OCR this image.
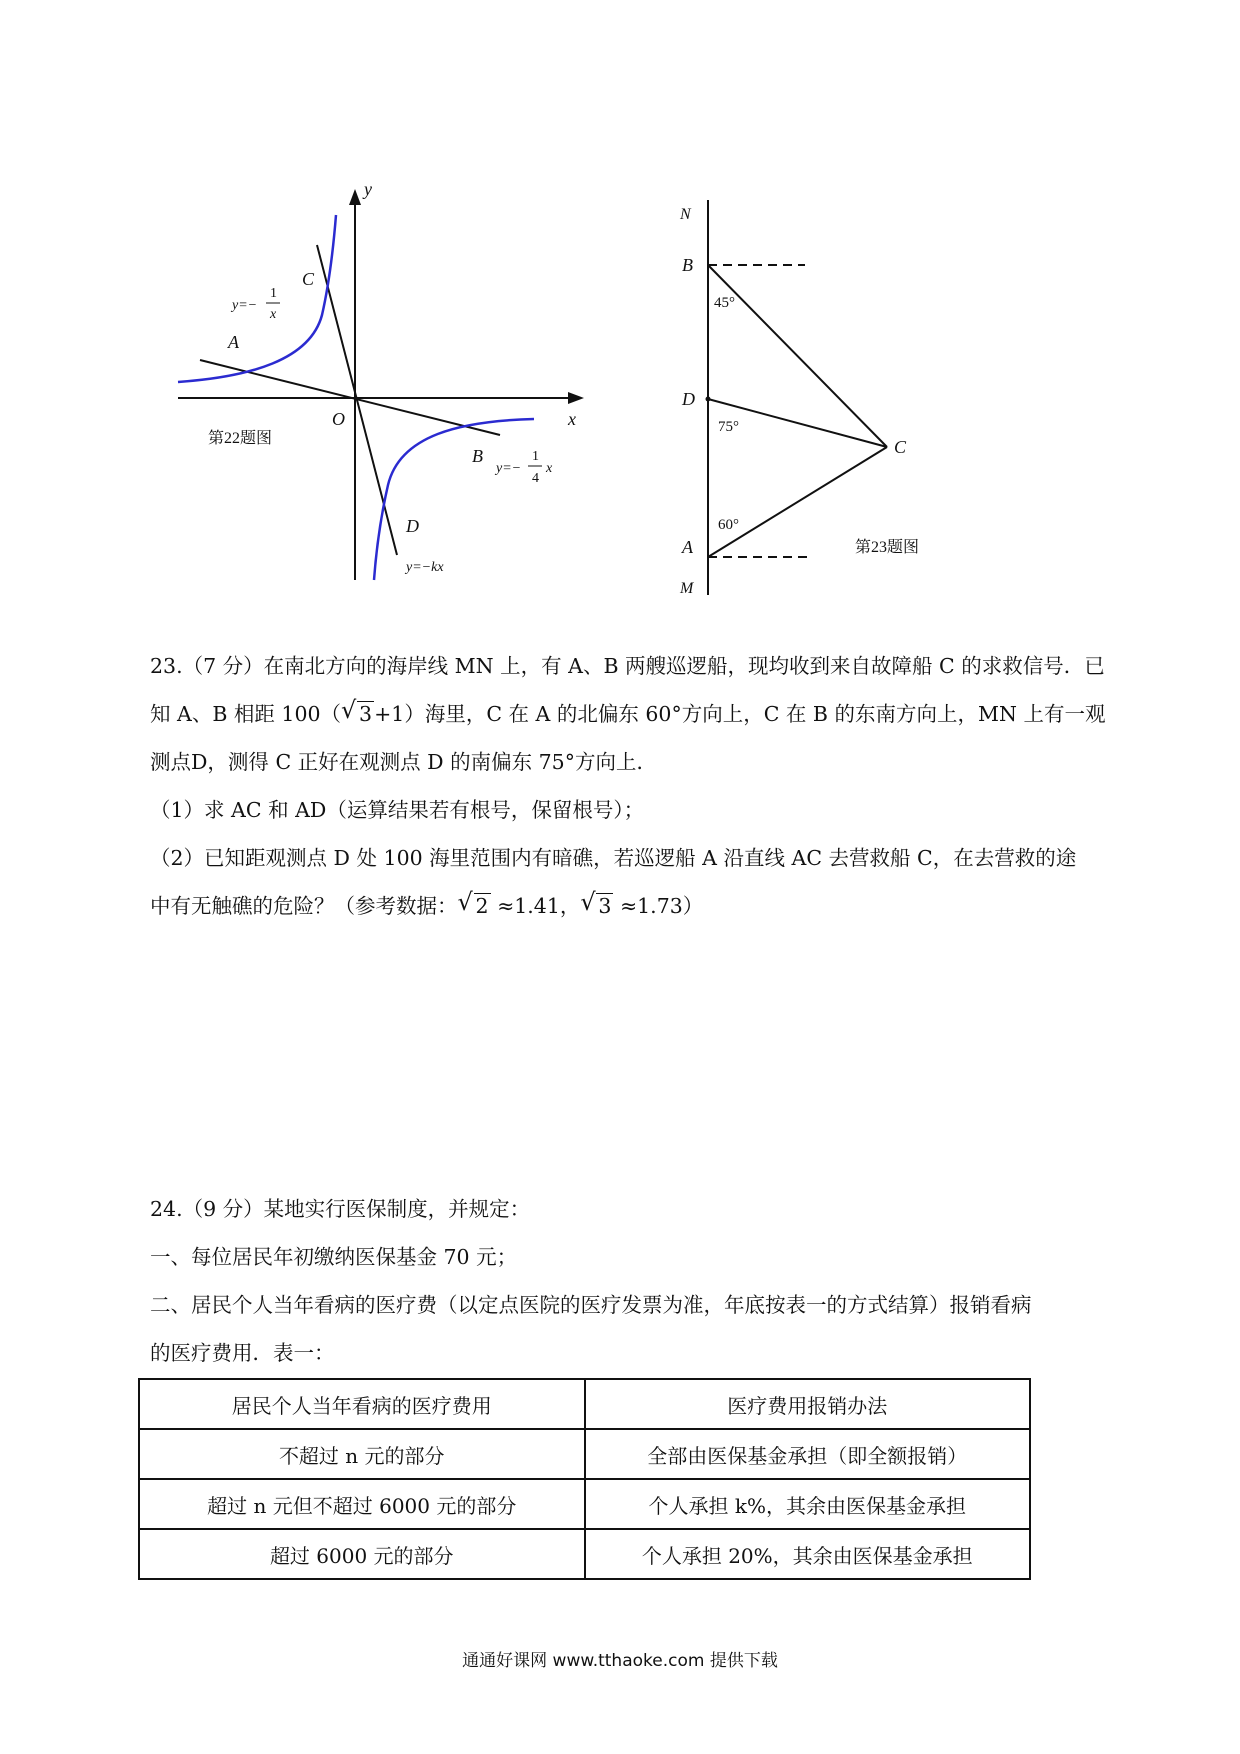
y
x
O
C
A
B
D
第22题图
y=−
1
x
y=−
1
4
x
y=−kx
N
B
D
A
M
C
45°
75°
60°
第23题图
23.（7 分）在南北方向的海岸线 MN 上，有 A、B 两艘巡逻船，现均收到来自故障船 C 的求救信号．已
知 A、B 相距 100（ √ 3+1）海里，C 在 A 的北偏东 60°方向上，C 在 B 的东南方向上，MN 上有一观
测点D，测得 C 正好在观测点 D 的南偏东 75°方向上．
（1）求 AC 和 AD（运算结果若有根号，保留根号）；
（2）已知距观测点 D 处 100 海里范围内有暗礁，若巡逻船 A 沿直线 AC 去营救船 C，在去营救的途
中有无触礁的危险？（参考数据： √ 2 ≈1.41， √ 3 ≈1.73）
24.（9 分）某地实行医保制度，并规定：
一、每位居民年初缴纳医保基金 70 元；
二、居民个人当年看病的医疗费（以定点医院的医疗发票为准，年底按表一的方式结算）报销看病
的医疗费用．表一：
居民个人当年看病的医疗费用	医疗费用报销办法
不超过 n 元的部分	全部由医保基金承担（即全额报销）
超过 n 元但不超过 6000 元的部分	个人承担 k%，其余由医保基金承担
超过 6000 元的部分	个人承担 20%，其余由医保基金承担
通通好课网 www.tthaoke.com 提供下载
